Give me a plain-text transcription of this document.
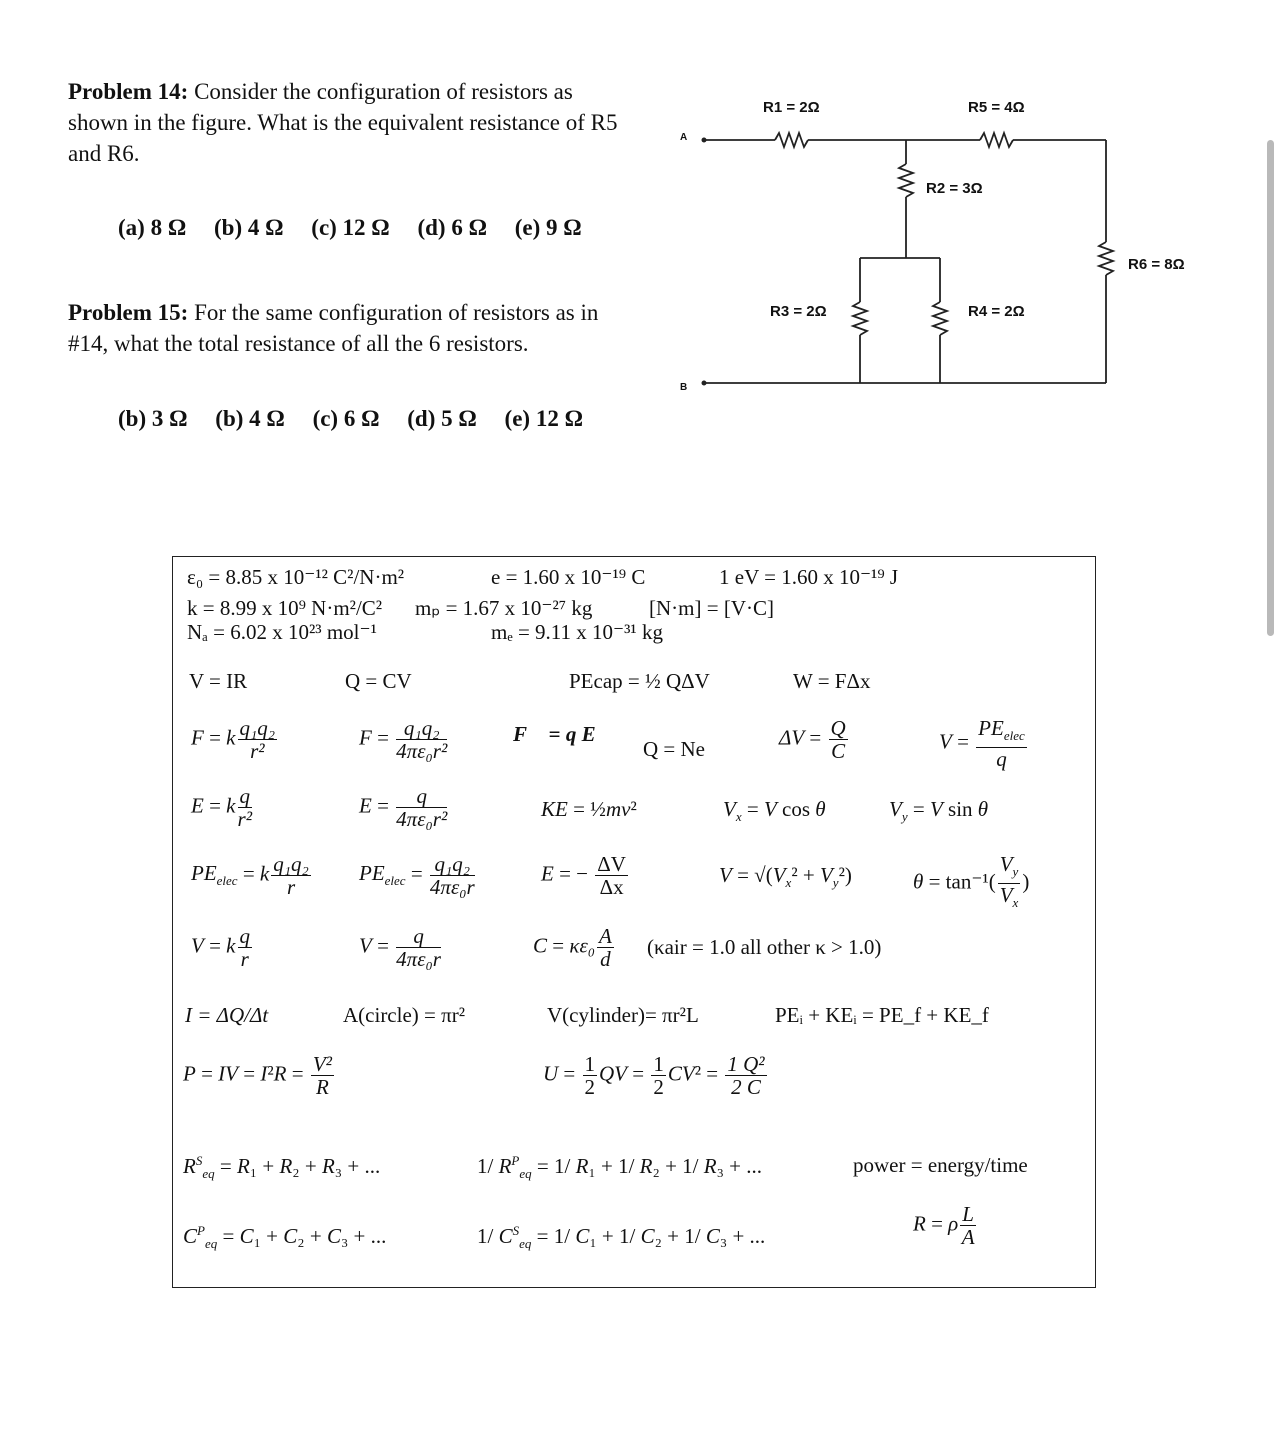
Problem 14: Consider the configuration of resistors as shown in the figure. What is the equivalent resistance of R5 and R6.
(a) 8 Ω (b) 4 Ω (c) 12 Ω (d) 6 Ω (e) 9 Ω
Problem 15: For the same configuration of resistors as in #14, what the total resistance of all the 6 resistors.
(b) 3 Ω (b) 4 Ω (c) 6 Ω (d) 5 Ω (e) 12 Ω
A
B
R1 = 2Ω	R5 = 4Ω
R2 = 3Ω
R3 = 2Ω	R4 = 2Ω
R6 = 8Ω
ε₀ = 8.85 x 10⁻¹² C²/N·m²	e = 1.60 x 10⁻¹⁹ C	1 eV = 1.60 x 10⁻¹⁹ J
k = 8.99 x 10⁹ N·m²/C² mₚ = 1.67 x 10⁻²⁷ kg	[N·m] = [V·C]
Nₐ = 6.02 x 10²³ mol⁻¹	mₑ = 9.11 x 10⁻³¹ kg
V = IR	Q = CV	PEcap = ½ QΔV	W = FΔx
F = k $\frac{\text{q₁q₂}}{\text{r²}}$	$F = \frac{\text{q₁q₂}}{\text{4πε₀r²}}$	F⃗ = q E⃗
Q = Ne	$\Delta V = \frac{Q}{C}$	$V = \frac{PE_{elec}}{q}$
E = k $\frac{q}{\text{r²}}$	$E = \frac{q}{\text{4πε₀r²}}$	KE = ½mv²	$V_x = V$ cos θ	$V_y = V$ sin θ
$PE_{elec} = k \frac{\text{q₁q₂}}{r} PE_{elec} = \frac{\text{q₁q₂}}{\text{4πε₀r}}$	E = − $\frac{\Delta V}{\Delta x}$	$V = √(V_x^2 + V_y^2)$	$\theta = \tan^{-1}( \frac{V_y}{V_x}$ )
V = k $\frac{q}{r}$	$V = \frac{q}{\text{4πε₀r}}$	$C = \kappa\varepsilon_0 \frac{A}{d} (\kappa air = 1.0$ all other κ > 1.0)
I = ΔQ/Δt	A(circle) = πr²	V(cylinder)= πr²L	PEᵢ + KEᵢ = PE_f + KE_f
P = IV = $I^2R = \frac{\text{V²}}{R}$	$U = \frac{1}{2}$ QV = $\frac{1}{2} CV^2 = \frac{\text{1 Q²}}{2 C}$
$R^S_{eq} = R_1 + R_2 + R_3$ + ...	1/ $R^P_{eq} = 1/$ R₁ + 1/ R₂ + 1/ R₃ + ...	power = energy/time
$C^P_{eq} = C_1 + C_2 + C_3$ + ...	1/ $C^S_{eq} = 1/$ C₁ + 1/ C₂ + 1/ C₃ + ...
R = ρ $\frac{L}{A}$
